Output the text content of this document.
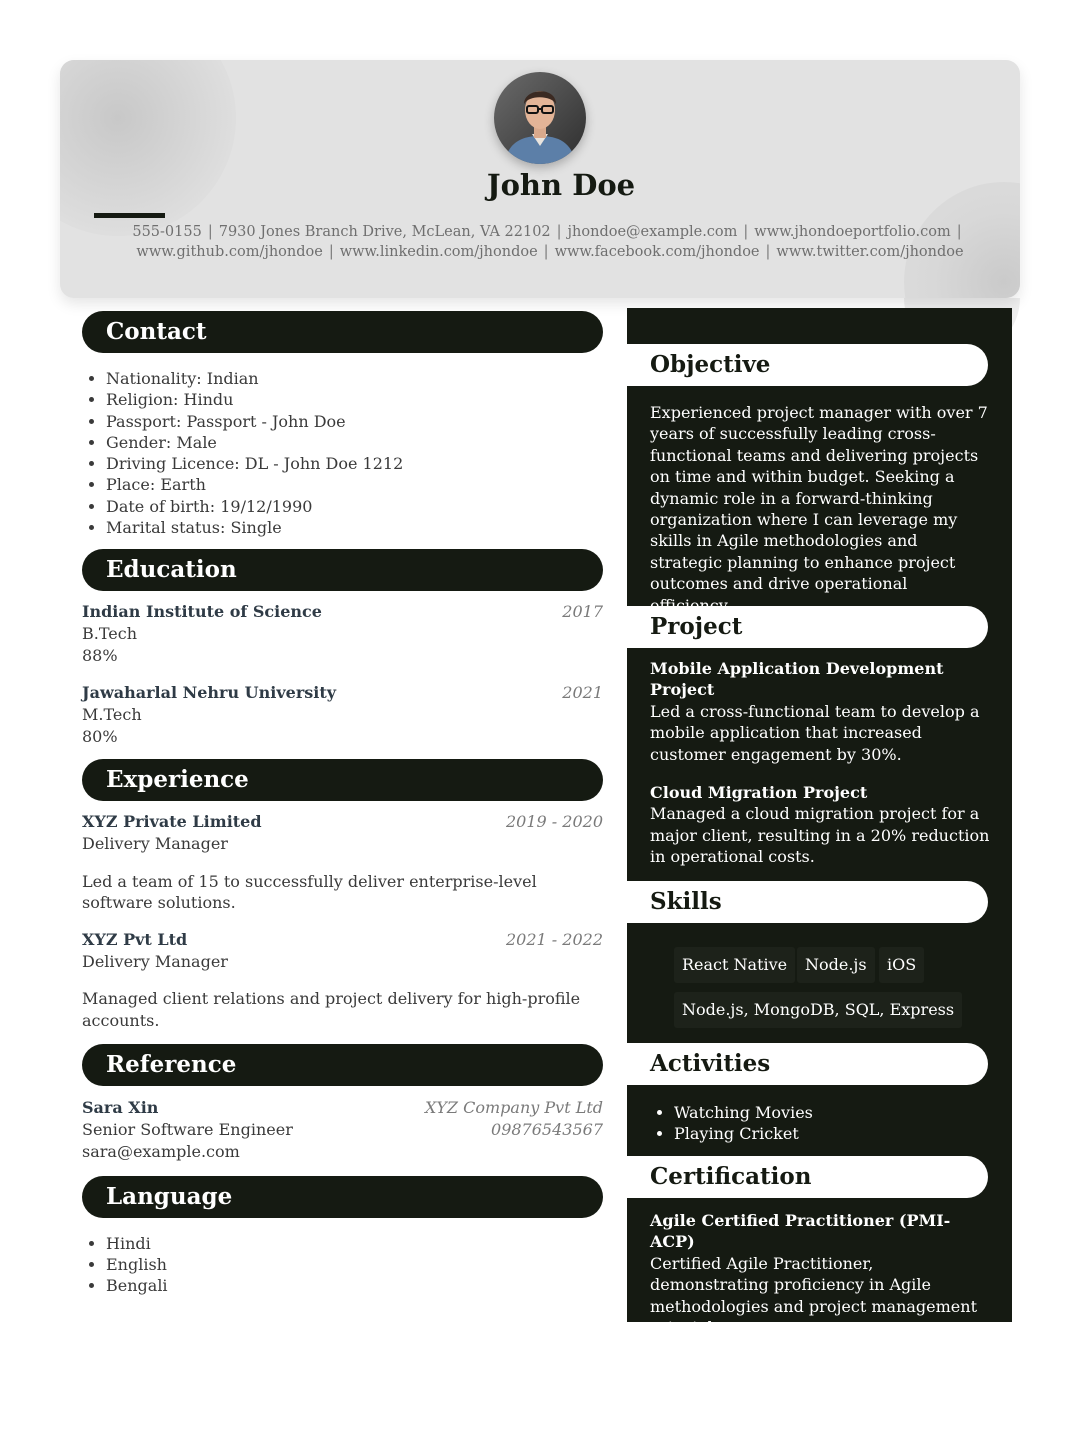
John Doe
555-0155 | 7930 Jones Branch Drive, McLean, VA 22102 | jhondoe@example.com | www.jhondoeportfolio.com |
www.github.com/jhondoe | www.linkedin.com/jhondoe | www.facebook.com/jhondoe | www.twitter.com/jhondoe
Contact
• Nationality: Indian
• Religion: Hindu
• Passport: Passport - John Doe
• Gender: Male
• Driving Licence: DL - John Doe 1212
• Place: Earth
• Date of birth: 19/12/1990
• Marital status: Single
Education
Indian Institute of Science	2017
B.Tech
88%
Jawaharlal Nehru University	2021
M.Tech
80%
Experience
XYZ Private Limited	2019 - 2020
Delivery Manager
Led a team of 15 to successfully deliver enterprise-level software solutions.
XYZ Pvt Ltd	2021 - 2022
Delivery Manager
Managed client relations and project delivery for high-profile accounts.
Reference
Sara Xin	XYZ Company Pvt Ltd
Senior Software Engineer	09876543567
sara@example.com
Language
• Hindi
• English
• Bengali
Objective
Experienced project manager with over 7 years of successfully leading cross-functional teams and delivering projects on time and within budget. Seeking a dynamic role in a forward-thinking organization where I can leverage my skills in Agile methodologies and strategic planning to enhance project outcomes and drive operational
Project
Mobile Application Development Project
Led a cross-functional team to develop a mobile application that increased customer engagement by 30%.
Cloud Migration Project
Managed a cloud migration project for a major client, resulting in a 20% reduction in operational costs.
Skills
React Native	Node.js	iOS
Node.js, MongoDB, SQL, Express
Activities
• Watching Movies
• Playing Cricket
Certification
Agile Certified Practitioner (PMI-ACP)
Certified Agile Practitioner, demonstrating proficiency in Agile methodologies and project management principles.
